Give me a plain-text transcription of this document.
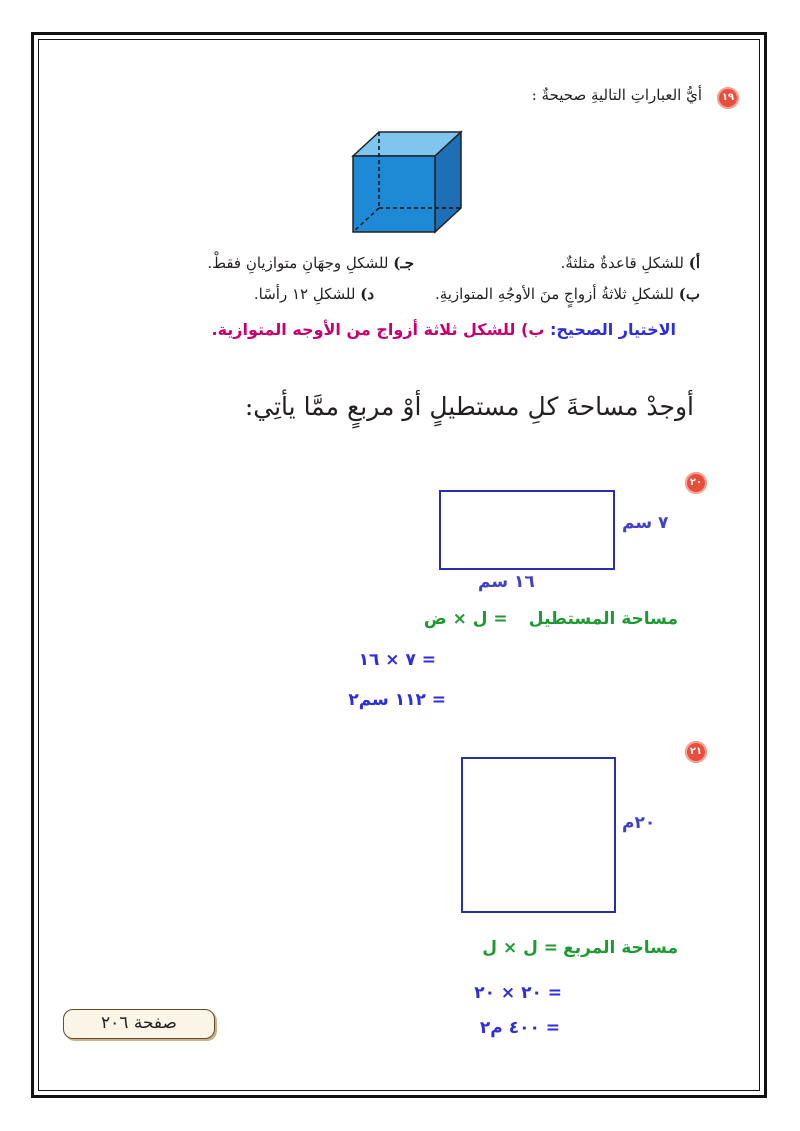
١٩
أيُّ العباراتِ التاليةِ صحيحةٌ :
أ) للشكلِ قاعدةٌ مثلثةٌ.
جـ) للشكلِ وجهَانِ متوازيانِ فقطْ.
ب) للشكلِ ثلاثةُ أزواجٍ منَ الأوجُهِ المتوازيةِ.
د) للشكلِ ١٢ رأسًا.
الاختيار الصحيح: ب) للشكل ثلاثة أزواج من الأوجه المتوازية.
أوجدْ مساحةَ كلِ مستطيلٍ أوْ مربعٍ ممَّا يأتِي:
٢٠
٧ سم
١٦ سم
مساحة المستطيل = ل × ض
= ٧ × ١٦
= ١١٢ سم٢
٢١
٢٠م
مساحة المربع = ل × ل
= ٢٠ × ٢٠
= ٤٠٠ م٢
صفحة ٢٠٦
